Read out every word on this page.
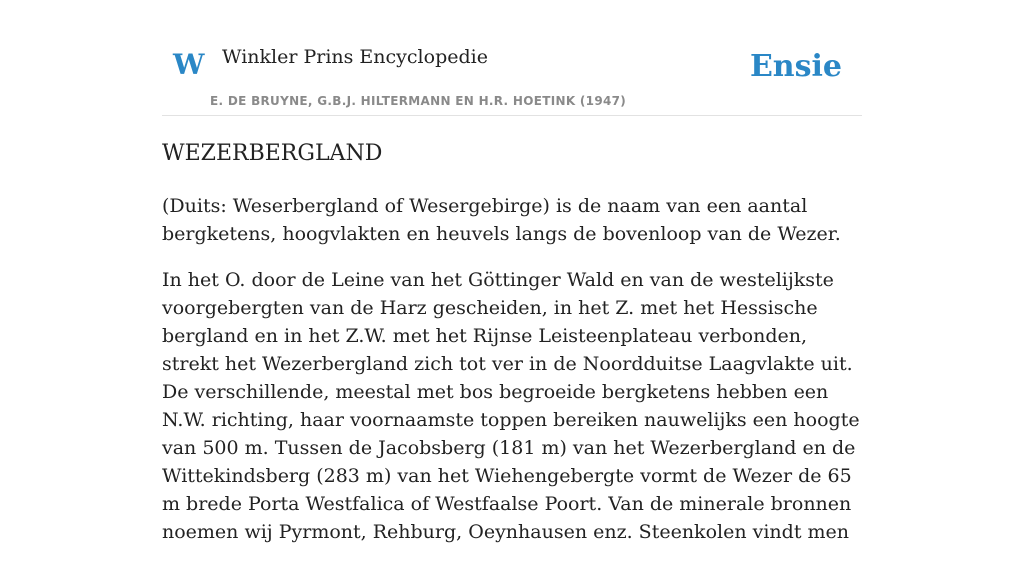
W Winkler Prins Encyclopedie
E. DE BRUYNE, G.B.J. HILTERMANN EN H.R. HOETINK (1947)
Ensie
WEZERBERGLAND

(Duits: Weserbergland of Wesergebirge) is de naam van een aantal bergketens, hoogvlakten en heuvels langs de bovenloop van de Wezer.

In het O. door de Leine van het Göttinger Wald en van de westelijkste voorgebergten van de Harz gescheiden, in het Z. met het Hessische bergland en in het Z.W. met het Rijnse Leisteenplateau verbonden, strekt het Wezerbergland zich tot ver in de Noordduitse Laagvlakte uit. De verschillende, meestal met bos begroeide bergketens hebben een N.W. richting, haar voornaamste toppen bereiken nauwelijks een hoogte van 500 m. Tussen de Jacobsberg (181 m) van het Wezerbergland en de Wittekindsberg (283 m) van het Wiehengebergte vormt de Wezer de 65 m brede Porta Westfalica of Westfaalse Poort. Van de minerale bronnen noemen wij Pyrmont, Rehburg, Oeynhausen enz. Steenkolen vindt men
